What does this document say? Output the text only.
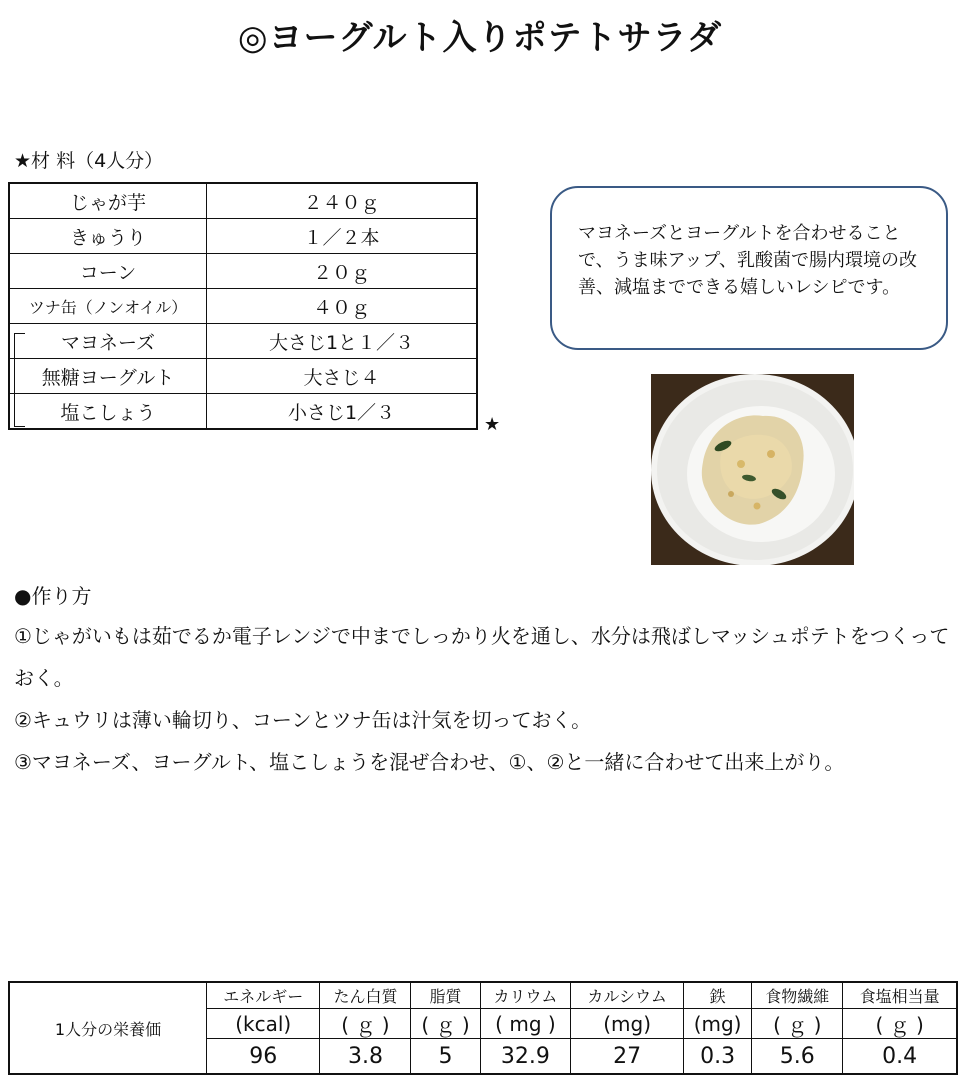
◎ヨーグルト入りポテトサラダ
★材 料（4人分）
じゃが芋	２４０ｇ
きゅうり	１／２本
コーン	２０ｇ
ツナ缶（ノンオイル）	４０ｇ
マヨネーズ	大さじ1と１／３
無糖ヨーグルト	大さじ４
塩こしょう	小さじ1／３
★
マヨネーズとヨーグルトを合わせることで、うま味アップ、乳酸菌で腸内環境の改善、減塩までできる嬉しいレシピです。
●作り方
①じゃがいもは茹でるか電子レンジで中までしっかり火を通し、水分は飛ばしマッシュポテトをつくっておく。
②キュウリは薄い輪切り、コーンとツナ缶は汁気を切っておく。
③マヨネーズ、ヨーグルト、塩こしょうを混ぜ合わせ、①、②と一緒に合わせて出来上がり。
1人分の栄養価	エネルギー	たん白質	脂質	カリウム	カルシウム	鉄	食物繊維	食塩相当量
	(kcal)	( ｇ )	( ｇ )	( mg )	(mg)	(mg)	( ｇ )	( ｇ )
	96	3.8	5	32.9	27	0.3	5.6	0.4
